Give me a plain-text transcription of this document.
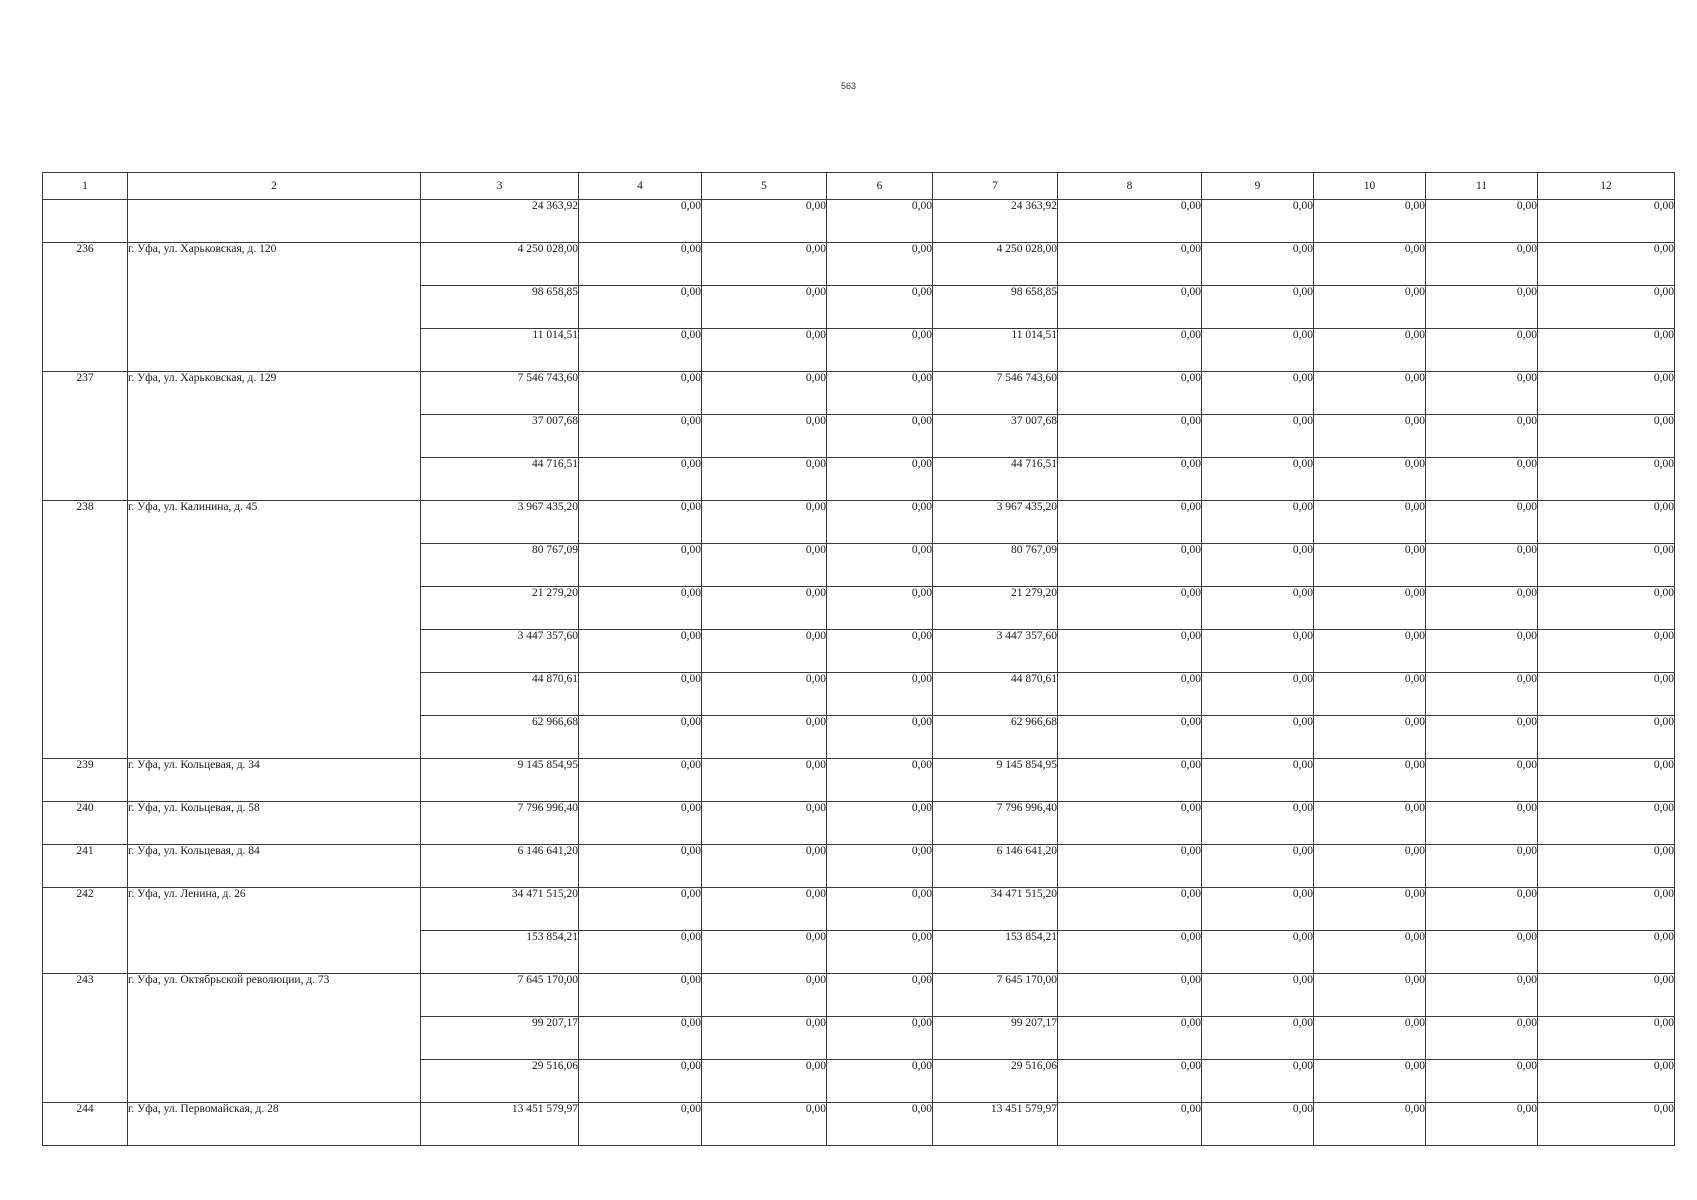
563
1	2	3	4	5	6	7	8	9	10	11	12
		24 363,92	0,00	0,00	0,00	24 363,92	0,00	0,00	0,00	0,00	0,00
236	г. Уфа, ул. Харьковская, д. 120	4 250 028,00	0,00	0,00	0,00	4 250 028,00	0,00	0,00	0,00	0,00	0,00
		98 658,85	0,00	0,00	0,00	98 658,85	0,00	0,00	0,00	0,00	0,00
		11 014,51	0,00	0,00	0,00	11 014,51	0,00	0,00	0,00	0,00	0,00
237	г. Уфа, ул. Харьковская, д. 129	7 546 743,60	0,00	0,00	0,00	7 546 743,60	0,00	0,00	0,00	0,00	0,00
		37 007,68	0,00	0,00	0,00	37 007,68	0,00	0,00	0,00	0,00	0,00
		44 716,51	0,00	0,00	0,00	44 716,51	0,00	0,00	0,00	0,00	0,00
238	г. Уфа, ул. Калинина, д. 45	3 967 435,20	0,00	0,00	0,00	3 967 435,20	0,00	0,00	0,00	0,00	0,00
		80 767,09	0,00	0,00	0,00	80 767,09	0,00	0,00	0,00	0,00	0,00
		21 279,20	0,00	0,00	0,00	21 279,20	0,00	0,00	0,00	0,00	0,00
		3 447 357,60	0,00	0,00	0,00	3 447 357,60	0,00	0,00	0,00	0,00	0,00
		44 870,61	0,00	0,00	0,00	44 870,61	0,00	0,00	0,00	0,00	0,00
		62 966,68	0,00	0,00	0,00	62 966,68	0,00	0,00	0,00	0,00	0,00
239	г. Уфа, ул. Кольцевая, д. 34	9 145 854,95	0,00	0,00	0,00	9 145 854,95	0,00	0,00	0,00	0,00	0,00
240	г. Уфа, ул. Кольцевая, д. 58	7 796 996,40	0,00	0,00	0,00	7 796 996,40	0,00	0,00	0,00	0,00	0,00
241	г. Уфа, ул. Кольцевая, д. 84	6 146 641,20	0,00	0,00	0,00	6 146 641,20	0,00	0,00	0,00	0,00	0,00
242	г. Уфа, ул. Ленина, д. 26	34 471 515,20	0,00	0,00	0,00	34 471 515,20	0,00	0,00	0,00	0,00	0,00
		153 854,21	0,00	0,00	0,00	153 854,21	0,00	0,00	0,00	0,00	0,00
243	г. Уфа, ул. Октябрьской революции, д. 73	7 645 170,00	0,00	0,00	0,00	7 645 170,00	0,00	0,00	0,00	0,00	0,00
		99 207,17	0,00	0,00	0,00	99 207,17	0,00	0,00	0,00	0,00	0,00
		29 516,06	0,00	0,00	0,00	29 516,06	0,00	0,00	0,00	0,00	0,00
244	г. Уфа, ул. Первомайская, д. 28	13 451 579,97	0,00	0,00	0,00	13 451 579,97	0,00	0,00	0,00	0,00	0,00
